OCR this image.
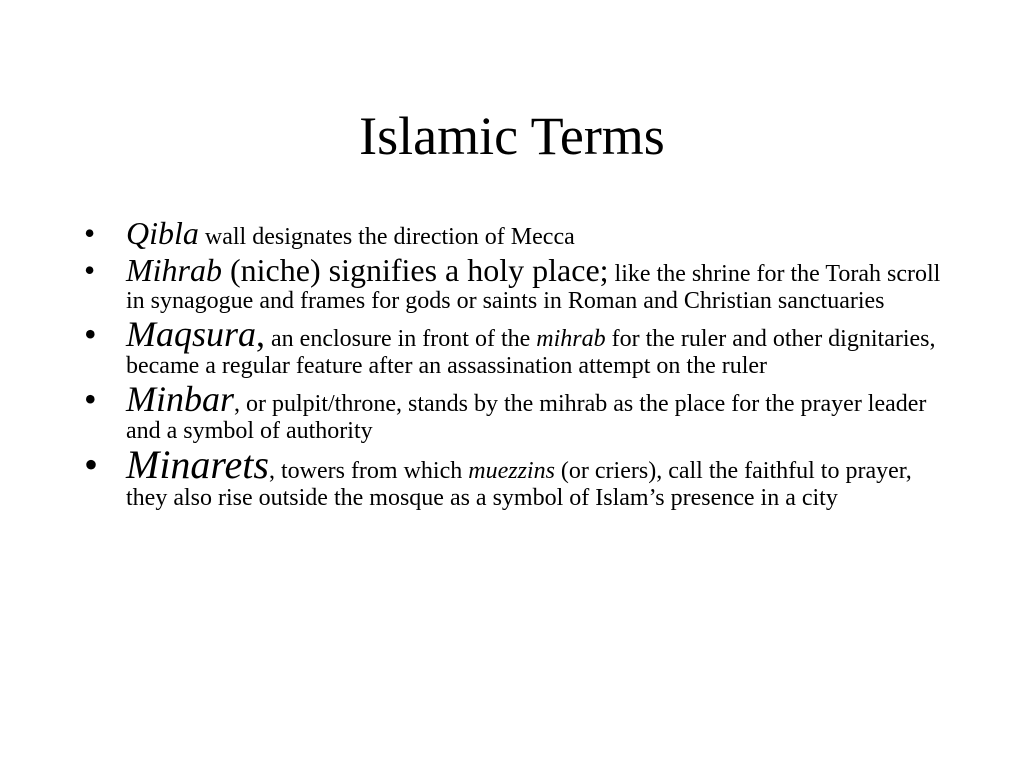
Islamic Terms
• Qibla wall designates the direction of Mecca
• Mihrab (niche) signifies a holy place; like the shrine for the Torah scroll in synagogue and frames for gods or saints in Roman and Christian sanctuaries
• Maqsura, an enclosure in front of the mihrab for the ruler and other dignitaries, became a regular feature after an assassination attempt on the ruler
• Minbar, or pulpit/throne, stands by the mihrab as the place for the prayer leader and a symbol of authority
• Minarets, towers from which muezzins (or criers), call the faithful to prayer, they also rise outside the mosque as a symbol of Islam’s presence in a city
